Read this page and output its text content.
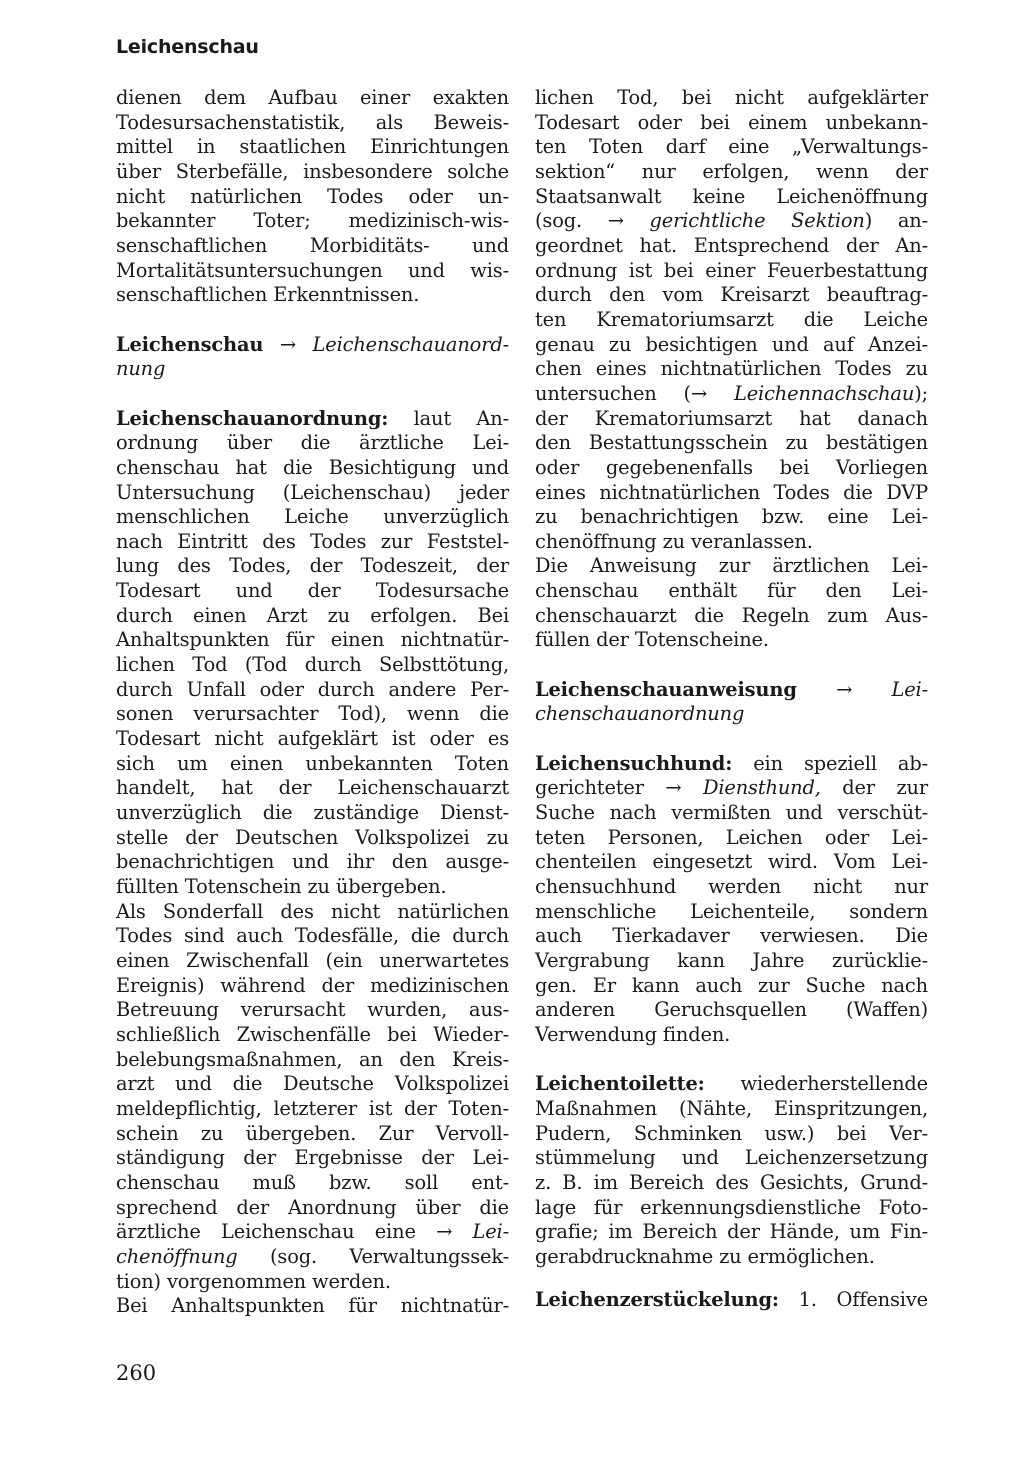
Leichenschau
dienen dem Aufbau einer exakten
Todesursachenstatistik, als Beweis-
mittel in staatlichen Einrichtungen
über Sterbefälle, insbesondere solche
nicht natürlichen Todes oder un-
bekannter Toter; medizinisch-wis-
senschaftlichen Morbiditäts- und
Mortalitätsuntersuchungen und wis-
senschaftlichen Erkenntnissen.
Leichenschau → Leichenschauanord-
nung
Leichenschauanordnung: laut An-
ordnung über die ärztliche Lei-
chenschau hat die Besichtigung und
Untersuchung (Leichenschau) jeder
menschlichen Leiche unverzüglich
nach Eintritt des Todes zur Feststel-
lung des Todes, der Todeszeit, der
Todesart und der Todesursache
durch einen Arzt zu erfolgen. Bei
Anhaltspunkten für einen nichtnatür-
lichen Tod (Tod durch Selbsttötung,
durch Unfall oder durch andere Per-
sonen verursachter Tod), wenn die
Todesart nicht aufgeklärt ist oder es
sich um einen unbekannten Toten
handelt, hat der Leichenschauarzt
unverzüglich die zuständige Dienst-
stelle der Deutschen Volkspolizei zu
benachrichtigen und ihr den ausge-
füllten Totenschein zu übergeben.
Als Sonderfall des nicht natürlichen
Todes sind auch Todesfälle, die durch
einen Zwischenfall (ein unerwartetes
Ereignis) während der medizinischen
Betreuung verursacht wurden, aus-
schließlich Zwischenfälle bei Wieder-
belebungsmaßnahmen, an den Kreis-
arzt und die Deutsche Volkspolizei
meldepflichtig, letzterer ist der Toten-
schein zu übergeben. Zur Vervoll-
ständigung der Ergebnisse der Lei-
chenschau muß bzw. soll ent-
sprechend der Anordnung über die
ärztliche Leichenschau eine → Lei-
chenöffnung (sog. Verwaltungssek-
tion) vorgenommen werden.
Bei Anhaltspunkten für nichtnatür-
lichen Tod, bei nicht aufgeklärter
Todesart oder bei einem unbekann-
ten Toten darf eine „Verwaltungs-
sektion“ nur erfolgen, wenn der
Staatsanwalt keine Leichenöffnung
(sog. → gerichtliche Sektion) an-
geordnet hat. Entsprechend der An-
ordnung ist bei einer Feuerbestattung
durch den vom Kreisarzt beauftrag-
ten Krematoriumsarzt die Leiche
genau zu besichtigen und auf Anzei-
chen eines nichtnatürlichen Todes zu
untersuchen (→ Leichennachschau);
der Krematoriumsarzt hat danach
den Bestattungsschein zu bestätigen
oder gegebenenfalls bei Vorliegen
eines nichtnatürlichen Todes die DVP
zu benachrichtigen bzw. eine Lei-
chenöffnung zu veranlassen.
Die Anweisung zur ärztlichen Lei-
chenschau enthält für den Lei-
chenschauarzt die Regeln zum Aus-
füllen der Totenscheine.
Leichenschauanweisung → Lei-
chenschauanordnung
Leichensuchhund: ein speziell ab-
gerichteter → Diensthund, der zur
Suche nach vermißten und verschüt-
teten Personen, Leichen oder Lei-
chenteilen eingesetzt wird. Vom Lei-
chensuchhund werden nicht nur
menschliche Leichenteile, sondern
auch Tierkadaver verwiesen. Die
Vergrabung kann Jahre zurücklie-
gen. Er kann auch zur Suche nach
anderen Geruchsquellen (Waffen)
Verwendung finden.
Leichentoilette: wiederherstellende
Maßnahmen (Nähte, Einspritzungen,
Pudern, Schminken usw.) bei Ver-
stümmelung und Leichenzersetzung
z. B. im Bereich des Gesichts, Grund-
lage für erkennungsdienstliche Foto-
grafie; im Bereich der Hände, um Fin-
gerabdrucknahme zu ermöglichen.
Leichenzerstückelung: 1. Offensive
260
